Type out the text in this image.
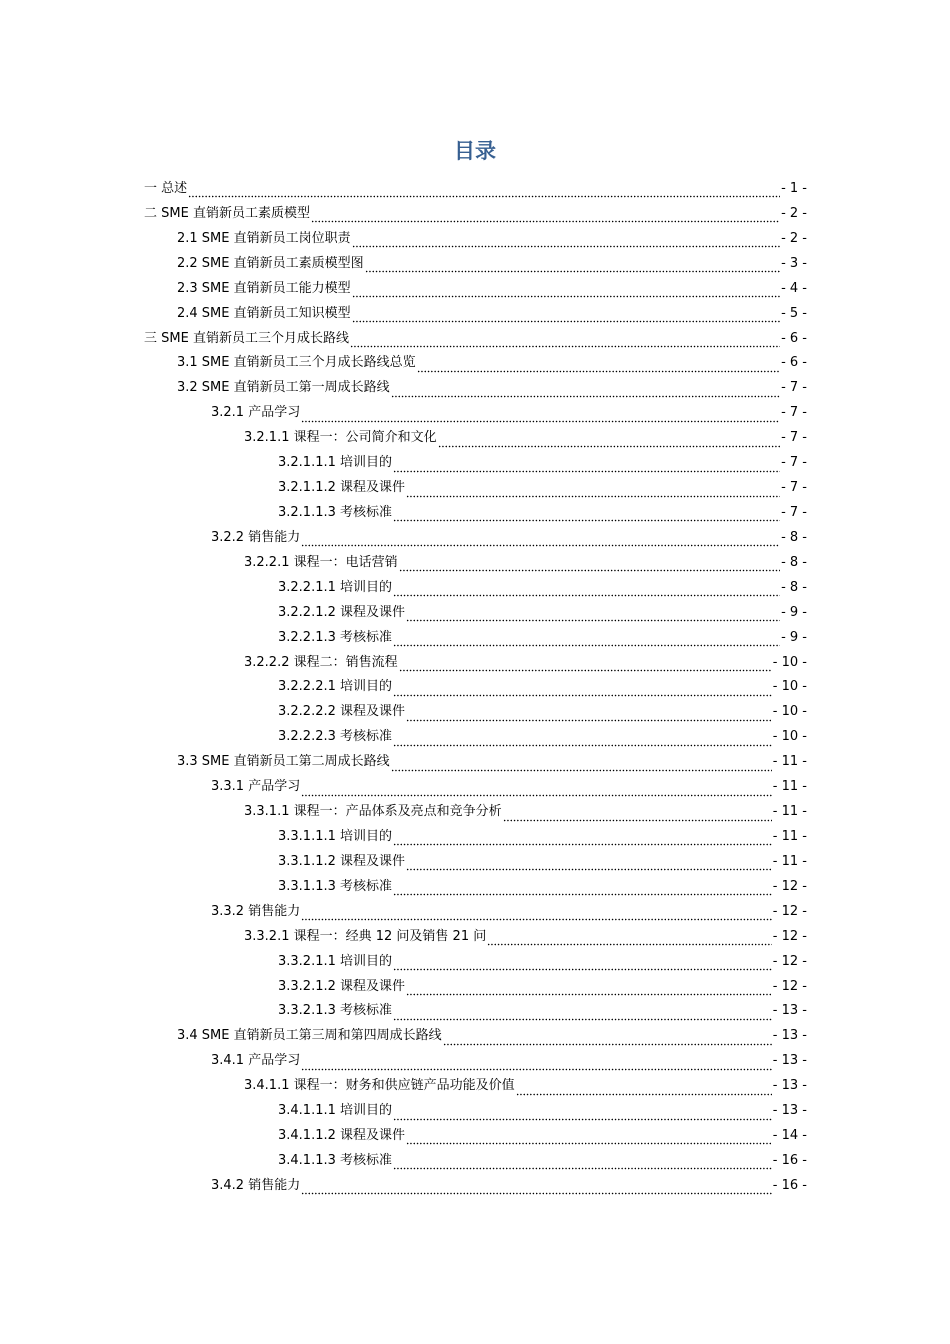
目录
一 总述	- 1 -
二 SME 直销新员工素质模型	- 2 -
2.1 SME 直销新员工岗位职责	- 2 -
2.2 SME 直销新员工素质模型图	- 3 -
2.3 SME 直销新员工能力模型	- 4 -
2.4 SME 直销新员工知识模型	- 5 -
三 SME 直销新员工三个月成长路线	- 6 -
3.1 SME 直销新员工三个月成长路线总览	- 6 -
3.2 SME 直销新员工第一周成长路线	- 7 -
3.2.1 产品学习	- 7 -
3.2.1.1 课程一：公司简介和文化	- 7 -
3.2.1.1.1 培训目的	- 7 -
3.2.1.1.2 课程及课件	- 7 -
3.2.1.1.3 考核标准	- 7 -
3.2.2 销售能力	- 8 -
3.2.2.1 课程一：电话营销	- 8 -
3.2.2.1.1 培训目的	- 8 -
3.2.2.1.2 课程及课件	- 9 -
3.2.2.1.3 考核标准	- 9 -
3.2.2.2 课程二：销售流程	- 10 -
3.2.2.2.1 培训目的	- 10 -
3.2.2.2.2 课程及课件	- 10 -
3.2.2.2.3 考核标准	- 10 -
3.3 SME 直销新员工第二周成长路线	- 11 -
3.3.1 产品学习	- 11 -
3.3.1.1 课程一：产品体系及亮点和竞争分析	- 11 -
3.3.1.1.1 培训目的	- 11 -
3.3.1.1.2 课程及课件	- 11 -
3.3.1.1.3 考核标准	- 12 -
3.3.2 销售能力	- 12 -
3.3.2.1 课程一：经典 12 问及销售 21 问	- 12 -
3.3.2.1.1 培训目的	- 12 -
3.3.2.1.2 课程及课件	- 12 -
3.3.2.1.3 考核标准	- 13 -
3.4 SME 直销新员工第三周和第四周成长路线	- 13 -
3.4.1 产品学习	- 13 -
3.4.1.1 课程一：财务和供应链产品功能及价值	- 13 -
3.4.1.1.1 培训目的	- 13 -
3.4.1.1.2 课程及课件	- 14 -
3.4.1.1.3 考核标准	- 16 -
3.4.2 销售能力	- 16 -
